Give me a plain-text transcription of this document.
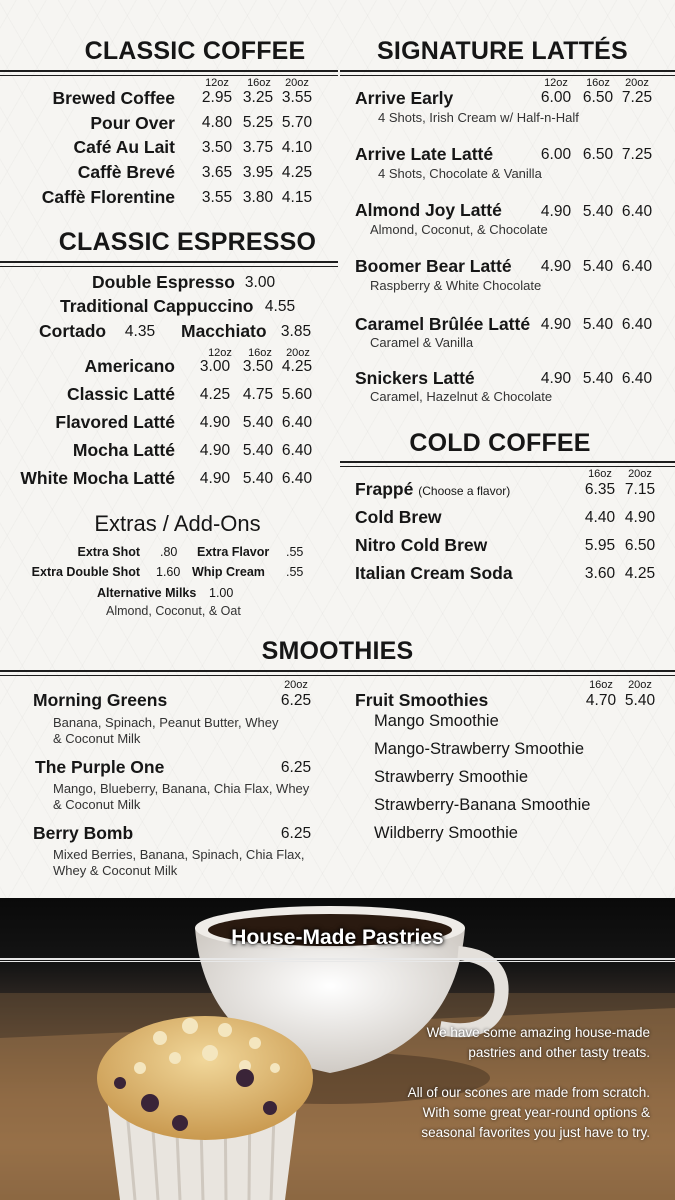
CLASSIC COFFEE
12oz 16oz 20oz
Brewed Coffee	2.95 3.25 3.55
Pour Over	4.80 5.25 5.70
Café Au Lait	3.50 3.75 4.10
Caffè Brevé	3.65 3.95 4.25
Caffè Florentine	3.55 3.80 4.15
CLASSIC ESPRESSO
Double Espresso 3.00
Traditional Cappuccino 4.55
Cortado	4.35 Macchiato 3.85
12oz 16oz 20oz
Americano	3.00 3.50 4.25
Classic Latté	4.25 4.75 5.60
Flavored Latté	4.90 5.40 6.40
Mocha Latté	4.90 5.40 6.40
White Mocha Latté	4.90 5.40 6.40
Extras / Add-Ons
Extra Shot .80 Extra Flavor .55
Extra Double Shot 1.60 Whip Cream .55
Alternative Milks 1.00
Almond, Coconut, & Oat
SIGNATURE LATTÉS
12oz 16oz 20oz
Arrive Early	6.00 6.50 7.25
4 Shots, Irish Cream w/ Half-n-Half
Arrive Late Latté	6.00 6.50 7.25
4 Shots, Chocolate & Vanilla
Almond Joy Latté	4.90 5.40 6.40
Almond, Coconut, & Chocolate
Boomer Bear Latté	4.90 5.40 6.40
Raspberry & White Chocolate
Caramel Brûlée Latté 4.90 5.40 6.40
Caramel & Vanilla
Snickers Latté	4.90 5.40 6.40
Caramel, Hazelnut & Chocolate
COLD COFFEE
16oz 20oz
Frappé (Choose a flavor)	6.35 7.15
Cold Brew	4.40 4.90
Nitro Cold Brew	5.95 6.50
Italian Cream Soda	3.60 4.25
SMOOTHIES
20oz
Morning Greens	6.25
Banana, Spinach, Peanut Butter, Whey
& Coconut Milk
The Purple One	6.25
Mango, Blueberry, Banana, Chia Flax, Whey
& Coconut Milk
Berry Bomb	6.25
Mixed Berries, Banana, Spinach, Chia Flax,
Whey & Coconut Milk
16oz 20oz
Fruit Smoothies	4.70 5.40
Mango Smoothie
Mango-Strawberry Smoothie
Strawberry Smoothie
Strawberry-Banana Smoothie
Wildberry Smoothie
House-Made Pastries
We have some amazing house-made
pastries and other tasty treats.
All of our scones are made from scratch.
With some great year-round options &
seasonal favorites you just have to try.
